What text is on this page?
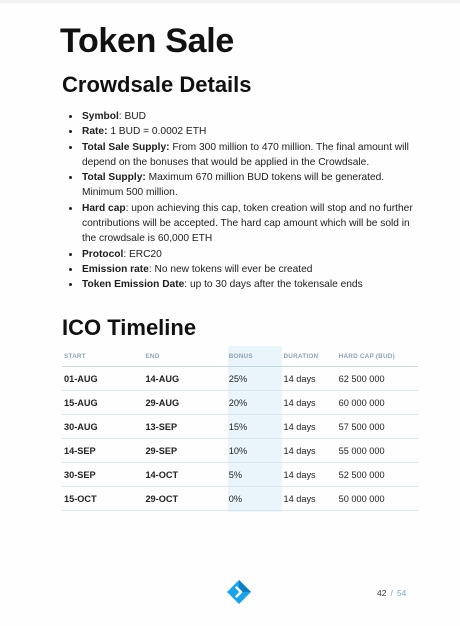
Token Sale
Crowdsale Details
Symbol: BUD
Rate: 1 BUD = 0.0002 ETH
Total Sale Supply: From 300 million to 470 million. The final amount will depend on the bonuses that would be applied in the Crowdsale.
Total Supply: Maximum 670 million BUD tokens will be generated. Minimum 500 million.
Hard cap: upon achieving this cap, token creation will stop and no further contributions will be accepted. The hard cap amount which will be sold in the crowdsale is 60,000 ETH
Protocol: ERC20
Emission rate: No new tokens will ever be created
Token Emission Date: up to 30 days after the tokensale ends
ICO Timeline
START	END	BONUS	DURATION	HARD CAP (BUD)
01-AUG	14-AUG	25%	14 days	62 500 000
15-AUG	29-AUG	20%	14 days	60 000 000
30-AUG	13-SEP	15%	14 days	57 500 000
14-SEP	29-SEP	10%	14 days	55 000 000
30-SEP	14-OCT	5%	14 days	52 500 000
15-OCT	29-OCT	0%	14 days	50 000 000
42 / 54
